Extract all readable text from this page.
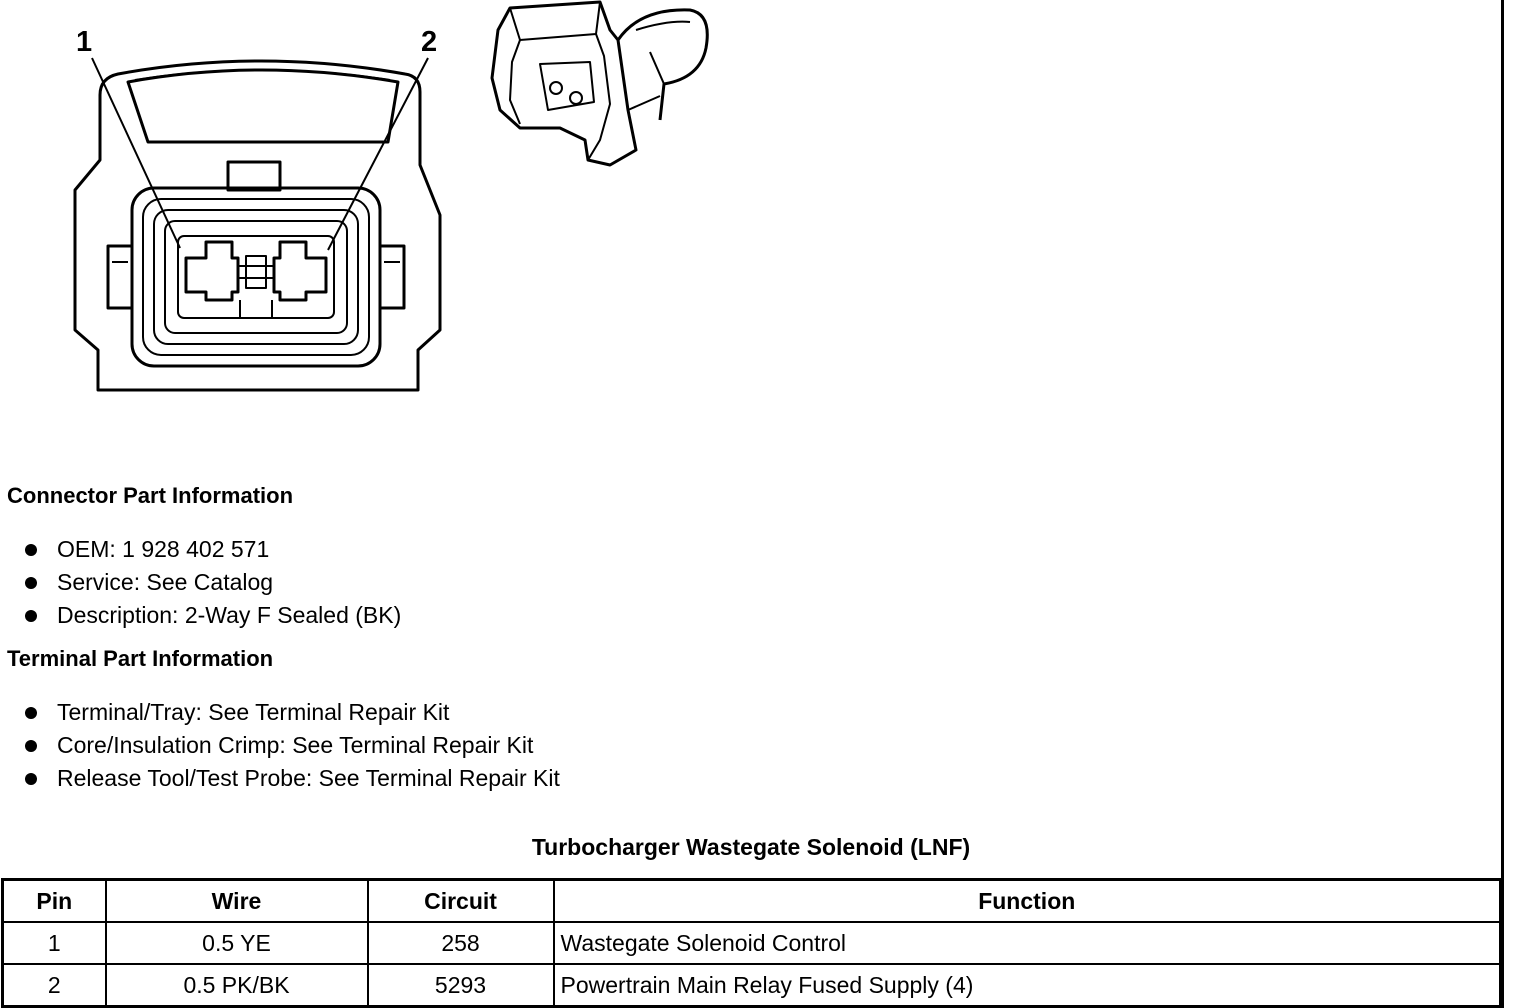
1	2
Connector Part Information
OEM: 1 928 402 571
Service: See Catalog
Description: 2-Way F Sealed (BK)
Terminal Part Information
Terminal/Tray: See Terminal Repair Kit
Core/Insulation Crimp: See Terminal Repair Kit
Release Tool/Test Probe: See Terminal Repair Kit
Turbocharger Wastegate Solenoid (LNF)
Pin	Wire	Circuit	Function
1	0.5 YE	258	Wastegate Solenoid Control
2	0.5 PK/BK	5293	Powertrain Main Relay Fused Supply (4)
